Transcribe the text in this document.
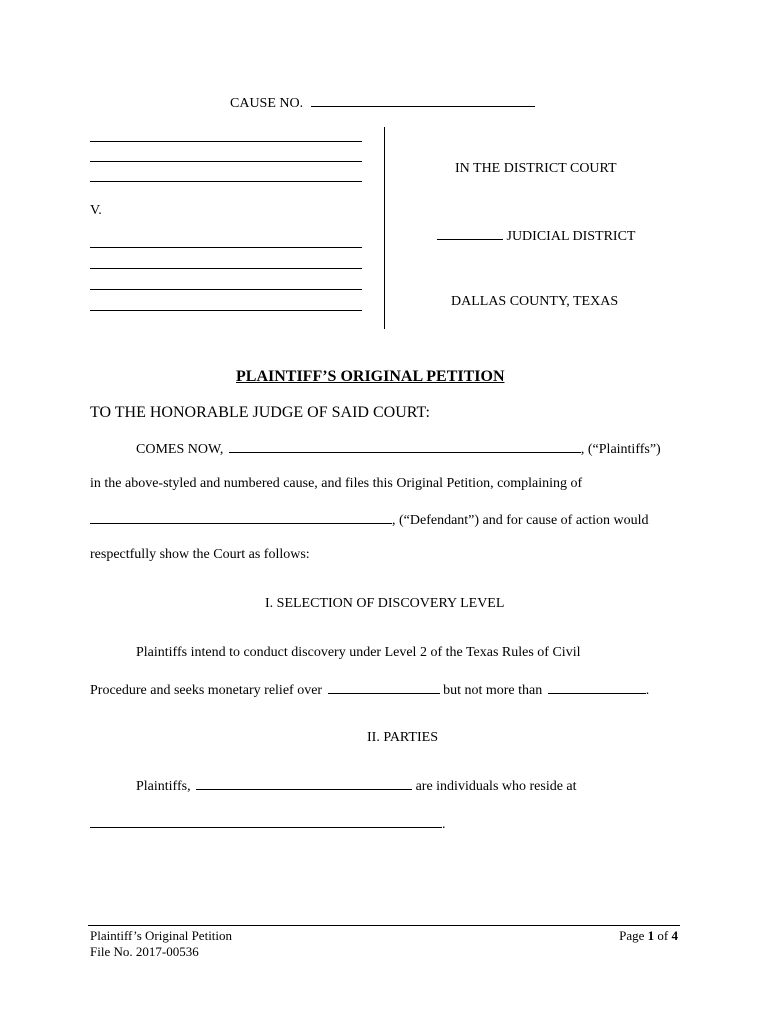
CAUSE NO.
V.
IN THE DISTRICT COURT
JUDICIAL DISTRICT
DALLAS COUNTY, TEXAS
PLAINTIFF’S ORIGINAL PETITION
TO THE HONORABLE JUDGE OF SAID COURT:
COMES NOW,	, (“Plaintiffs”)
in the above-styled and numbered cause, and files this Original Petition, complaining of
, (“Defendant”) and for cause of action would
respectfully show the Court as follows:
I. SELECTION OF DISCOVERY LEVEL
Plaintiffs intend to conduct discovery under Level 2 of the Texas Rules of Civil
Procedure and seeks monetary relief over	but not more than	.
II. PARTIES
Plaintiffs,	are individuals who reside at
.
Plaintiff’s Original Petition
File No. 2017-00536
Page 1 of 4
